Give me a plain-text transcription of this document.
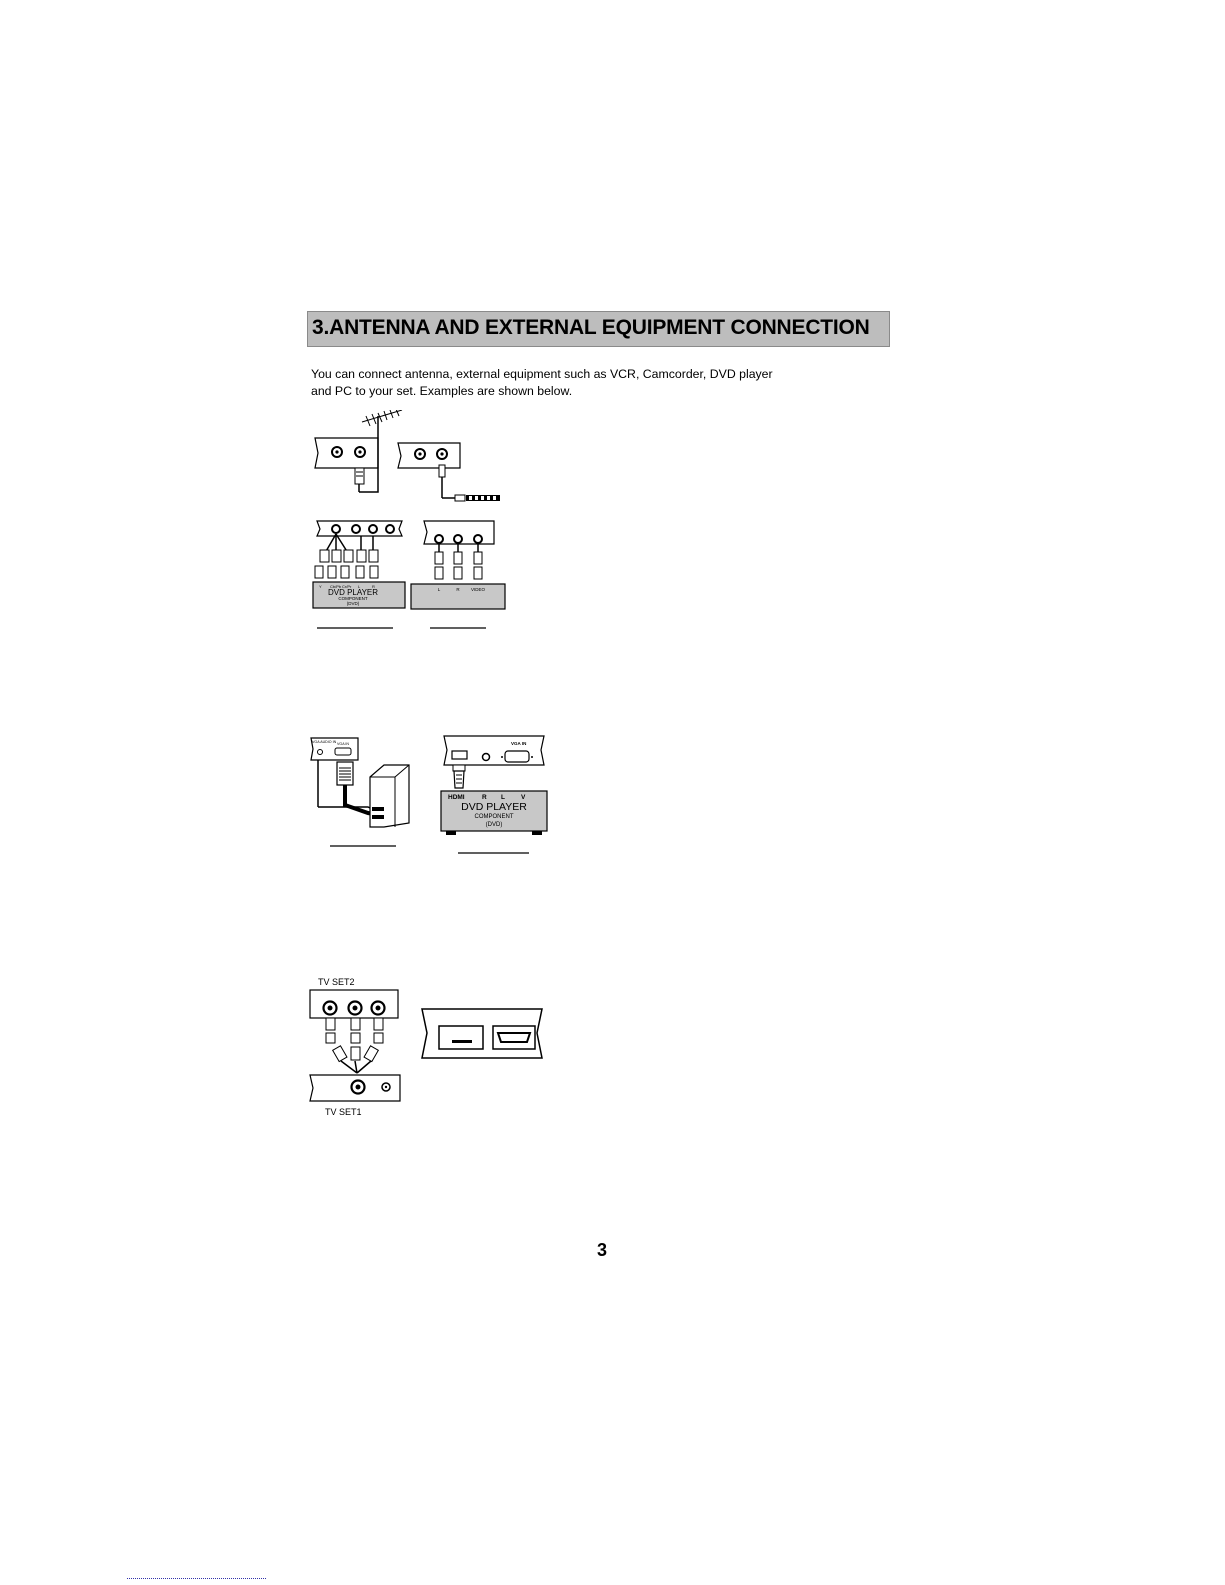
3.ANTENNA AND EXTERNAL EQUIPMENT CONNECTION
You can connect antenna, external equipment such as VCR, Camcorder, DVD player
and PC to your set. Examples are shown below.
Y Cb/Pb Cr/Pr L	R
DVD PLAYER
COMPONENT
(DVD)
L	R	VIDEO
VGA AUDIO IN VGA IN	VGA IN
HDMI	R L V
DVD PLAYER
COMPONENT
(DVD)
TV SET2
TV SET1
3
